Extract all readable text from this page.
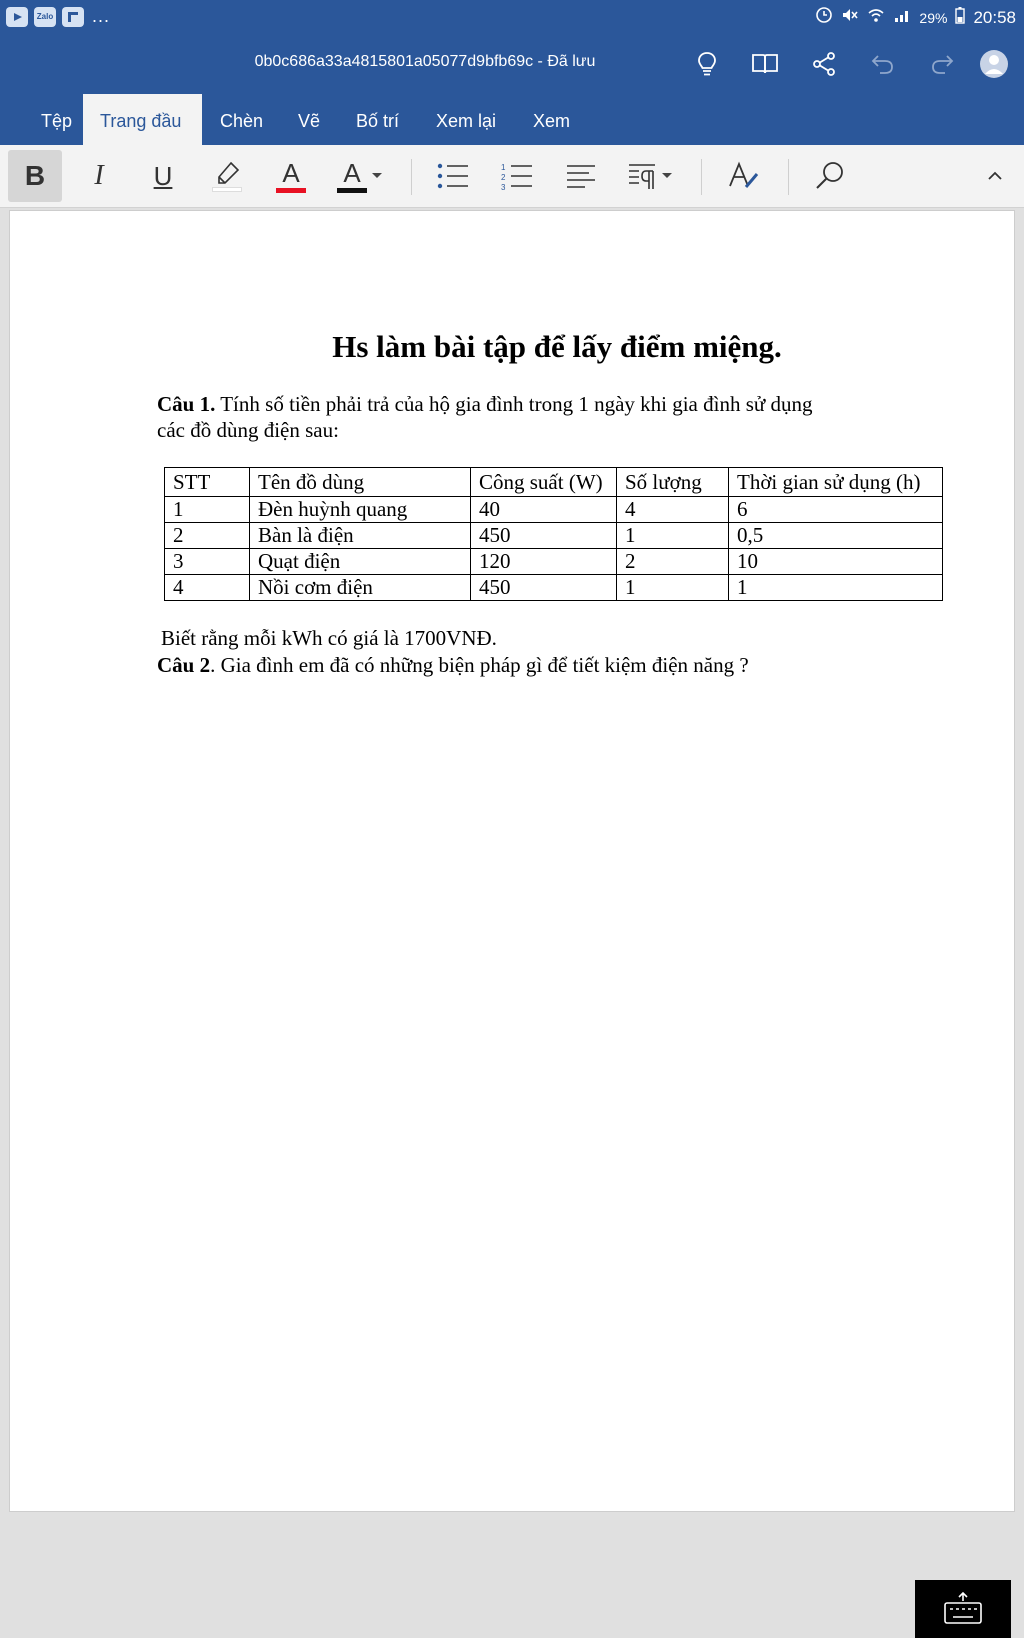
Zalo ...	29% 20:58
0b0c686a33a4815801a05077d9bfb69c - Đã lưu
Tệp	Trang đầu	Chèn	Vẽ	Bố trí	Xem lại	Xem
B	I	U	A A	1
2
3
Hs làm bài tập để lấy điểm miệng.

Câu 1. Tính số tiền phải trả của hộ gia đình trong 1 ngày khi gia đình sử dụng các đồ dùng điện sau:

STT	Tên đồ dùng	Công suất (W)	Số lượng	Thời gian sử dụng (h)
1	Đèn huỳnh quang	40	4	6
2	Bàn là điện	450	1	0,5
3	Quạt điện	120	2	10
4	Nồi cơm điện	450	1	1

Biết rằng mỗi kWh có giá là 1700VNĐ.

Câu 2. Gia đình em đã có những biện pháp gì để tiết kiệm điện năng ?
